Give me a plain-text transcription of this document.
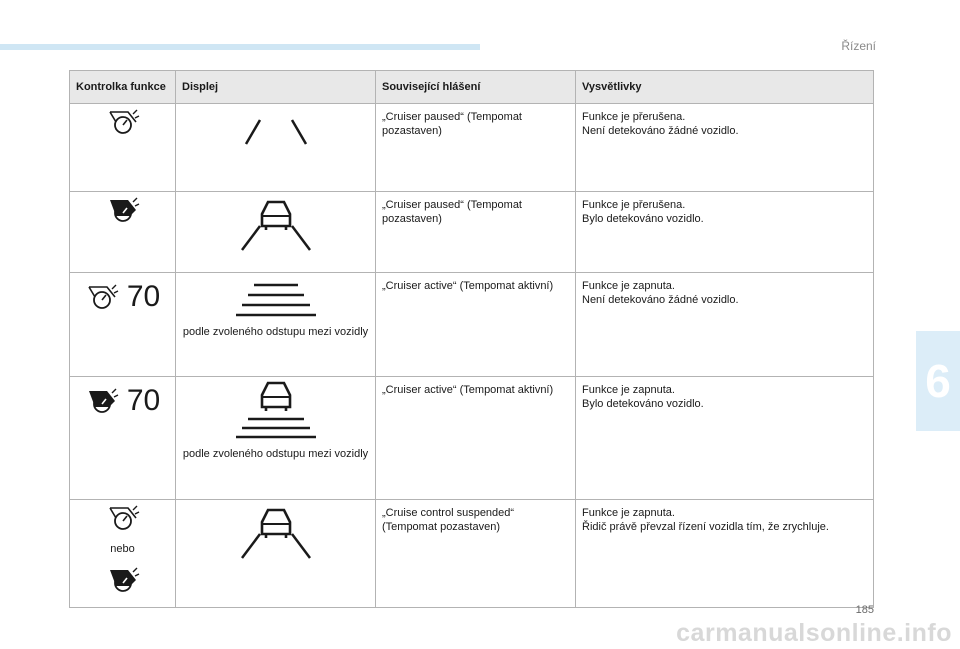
Řízení
Kontrolka funkce	Displej	Související hlášení	Vysvětlivky
		„Cruiser paused“ (Tempomat pozastaven)	Funkce je přerušena.
Není detekováno žádné vozidlo.

		„Cruiser paused“ (Tempomat pozastaven)	Funkce je přerušena.
Bylo detekováno vozidlo.

70	podle zvoleného odstupu mezi vozidly	„Cruiser active“ (Tempomat aktivní)	Funkce je zapnuta.
Není detekováno žádné vozidlo.

70	podle zvoleného odstupu mezi vozidly	„Cruiser active“ (Tempomat aktivní)	Funkce je zapnuta.
Bylo detekováno vozidlo.

nebo		„Cruise control suspended“ (Tempomat pozastaven)	Funkce je zapnuta.
Řidič právě převzal řízení vozidla tím, že zrychluje.
6
185
carmanualsonline.info
